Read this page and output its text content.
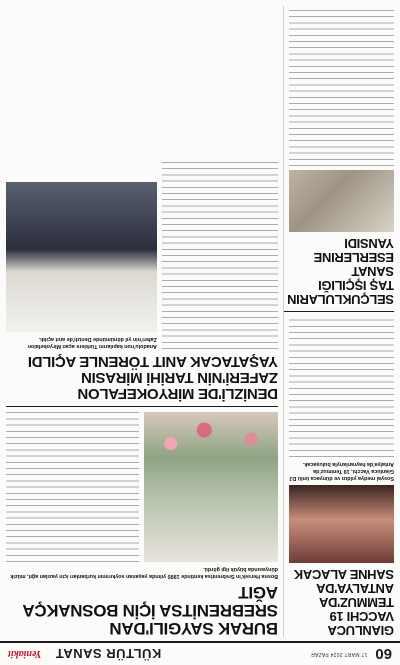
60
17 MART 2024 PAZAR
KÜLTÜR SANAT
Yeniakit
GIANLUCA VACCHI 19 TEMMUZ'DA ANTALYA'DA SAHNE ALACAK

Sosyal medya yıldızı ve dünyaca ünlü DJ Gianluca Vacchi, 19 Temmuz'da Antalya'da hayranlarıyla buluşacak.

SELÇUKLULARIN TAŞ IŞÇILIĞI SANAT ESERLERINE YANSIDI
BURAK SAYGILI'DAN SREBRENİTSA İÇİN BOSNAKÇA AĞIT

Bosna Hersek'in Srebrenitsa kentinde 1995 yılında yaşanan soykırımın kurbanları için yazılan ağıt, müzik dünyasında büyük ilgi gördü.

DENİZLİ'DE MİRYOKEFALON ZAFERİ'NİN TARİHİ MİRASIN YAŞATACAK ANIT TÖRENLE AÇILDI

Anadolu'nun kapılarını Türklere açan Miryokefalon Zaferi'nin yıl dönümünde Denizli'de anıt açıldı.
